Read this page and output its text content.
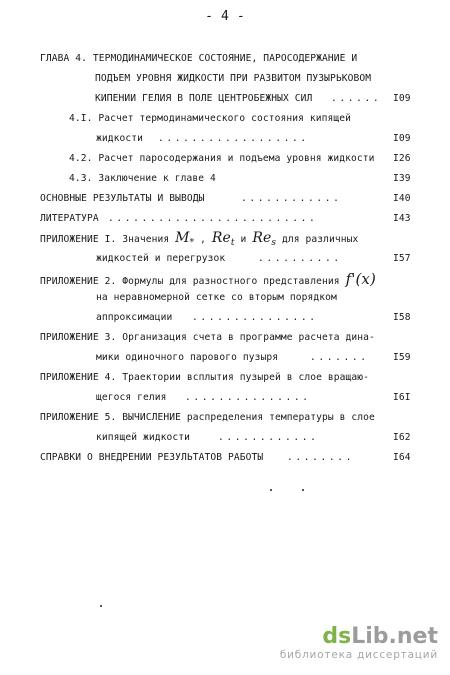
- 4 -
ГЛАВА 4. ТЕРМОДИНАМИЧЕСКОЕ СОСТОЯНИЕ, ПАРОСОДЕРЖАНИЕ И
ПОДЪЕМ УРОВНЯ ЖИДКОСТИ ПРИ РАЗВИТОМ ПУЗЫРЬКОВОМ
КИПЕНИИ ГЕЛИЯ В ПОЛЕ ЦЕНТРОБЕЖНЫХ СИЛ ...... I09
4.I. Расчет термодинамического состояния кипящей
жидкости ..................	I09
4.2. Расчет паросодержания и подъема уровня жидкости I26
4.3. Заключение к главе 4	I39
ОСНОВНЫЕ РЕЗУЛЬТАТЫ И ВЫВОДЫ	............	I40
ЛИТЕРАТУРА .........................	I43
ПРИЛОЖЕНИЕ I. Значения $M_*$ , $Re_t$ и $Re_s$ для различных
жидкостей и перегрузок	..........	I57
ПРИЛОЖЕНИЕ 2. Формулы для разностного представления f'(x)
на неравномерной сетке со вторым порядком
аппроксимации ...............	I58
ПРИЛОЖЕНИЕ 3. Организация счета в программе расчета дина-
мики одиночного парового пузыря	.......	I59
ПРИЛОЖЕНИЕ 4. Траектории всплытия пузырей в слое вращаю-
щегося гелия ...............	I6I
ПРИЛОЖЕНИЕ 5. ВЫЧИСЛЕНИЕ распределения температуры в слое
кипящей жидкости	............	I62
СПРАВКИ О ВНЕДРЕНИИ РЕЗУЛЬТАТОВ РАБОТЫ ........	I64
dsLib.net
библиотека диссертаций
